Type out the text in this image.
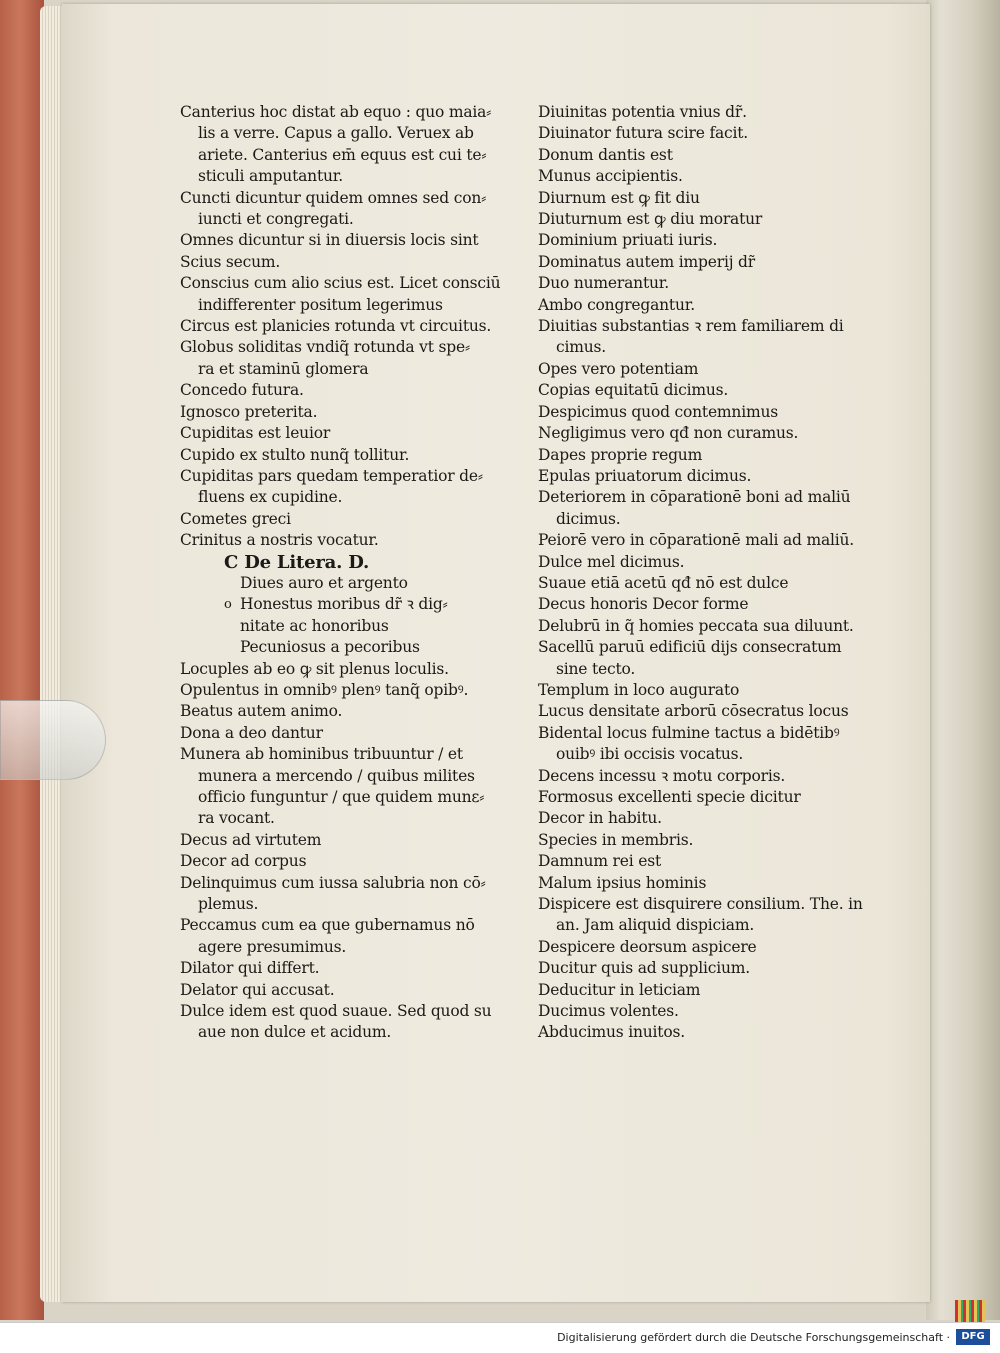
Canterius hoc distat ab equo : quo maia⸗
lis a verre. Capus a gallo. Veruex ab
ariete. Canterius em̄ equus est cui te⸗
sticuli amputantur.
Cuncti dicuntur quidem omnes sed con⸗
iuncti et congregati.
Omnes dicuntur si in diuersis locis sint
Scius secum.
Conscius cum alio scius est. Licet consciū
indifferenter positum legerimus
Circus est planicies rotunda vt circuitus.
Globus soliditas vndiq̃ rotunda vt spe⸗
ra et staminū glomera
Concedo futura.
Ignosco preterita.
Cupiditas est leuior
Cupido ex stulto nunq̃ tollitur.
Cupiditas pars quedam temperatior de⸗
fluens ex cupidine.
Cometes greci
Crinitus a nostris vocatur.
C De Litera. D.
Diues auro et argento
o Honestus moribus dr̃ ꝛ dig⸗
nitate ac honoribus
Pecuniosus a pecoribus
Locuples ab eo ꝙ sit plenus loculis.
Opulentus in omnibꝰ plenꝰ tanq̃ opibꝰ.
Beatus autem animo.
Dona a deo dantur
Munera ab hominibus tribuuntur / et
munera a mercendo / quibus milites
officio funguntur / que quidem munε⸗
ra vocant.
Decus ad virtutem
Decor ad corpus
Delinquimus cum iussa salubria non cō⸗
plemus.
Peccamus cum ea que gubernamus nō
agere presumimus.
Dilator qui differt.
Delator qui accusat.
Dulce idem est quod suaue. Sed quod su
aue non dulce et acidum.
Diuinitas potentia vnius dr̃.
Diuinator futura scire facit.
Donum dantis est
Munus accipientis.
Diurnum est ꝙ fit diu
Diuturnum est ꝙ diu moratur
Dominium priuati iuris.
Dominatus autem imperij dr̃
Duo numerantur.
Ambo congregantur.
Diuitias substantias ꝛ rem familiarem di
cimus.
Opes vero potentiam
Copias equitatū dicimus.
Despicimus quod contemnimus
Negligimus vero qđ non curamus.
Dapes proprie regum
Epulas priuatorum dicimus.
Deteriorem in cōparationē boni ad maliū
dicimus.
Peiorē vero in cōparationē mali ad maliū.
Dulce mel dicimus.
Suaue etiā acetū qđ nō est dulce
Decus honoris Decor forme
Delubrū in q̃ homies peccata sua diluunt.
Sacellū paruū edificiū dijs consecratum
sine tecto.
Templum in loco augurato
Lucus densitate arborū cōsecratus locus
Bidental locus fulmine tactus a bidētibꝰ
ouibꝰ ibi occisis vocatus.
Decens incessu ꝛ motu corporis.
Formosus excellenti specie dicitur
Decor in habitu.
Species in membris.
Damnum rei est
Malum ipsius hominis
Dispicere est disquirere consilium. The. in
an. Jam aliquid dispiciam.
Despicere deorsum aspicere
Ducitur quis ad supplicium.
Deducitur in leticiam
Ducimus volentes.
Abducimus inuitos.
Digitalisierung gefördert durch die Deutsche Forschungsgemeinschaft ·	DFG
